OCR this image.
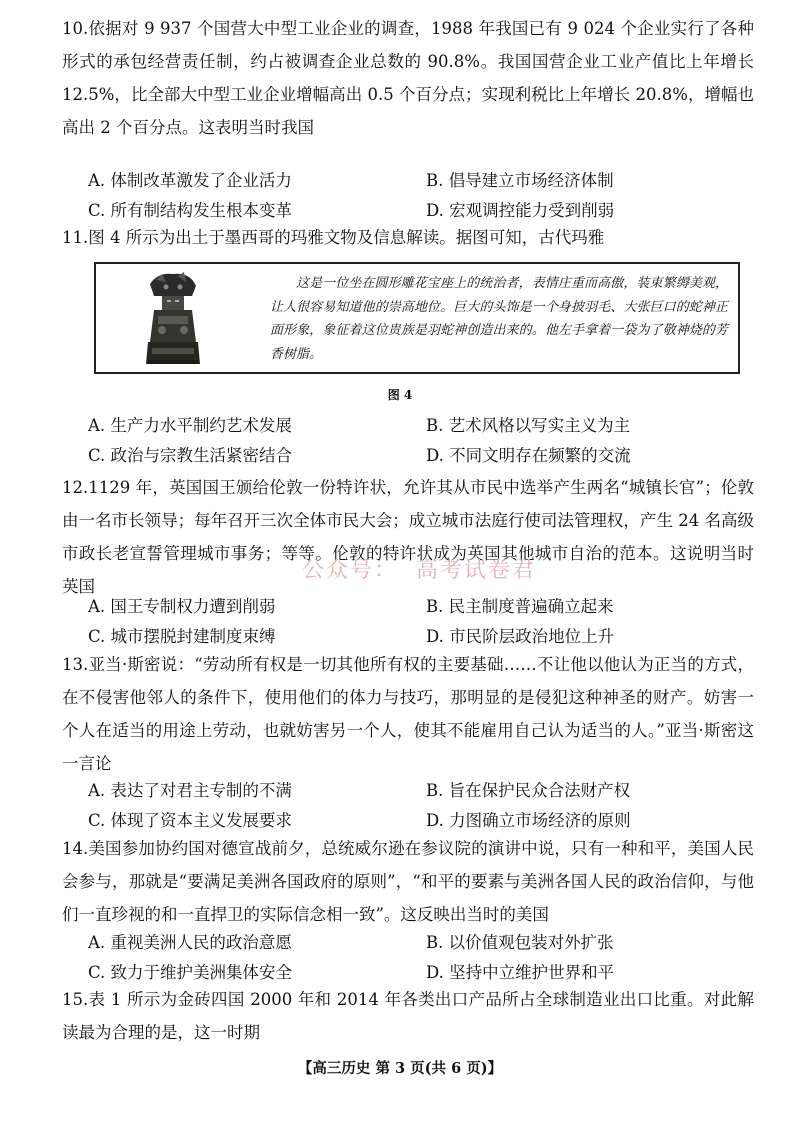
10.依据对 9 937 个国营大中型工业企业的调查，1988 年我国已有 9 024 个企业实行了各种形式的承包经营责任制，约占被调查企业总数的 90.8%。我国国营企业工业产值比上年增长 12.5%，比全部大中型工业企业增幅高出 0.5 个百分点；实现利税比上年增长 20.8%，增幅也高出 2 个百分点。这表明当时我国
A. 体制改革激发了企业活力	B. 倡导建立市场经济体制
C. 所有制结构发生根本变革	D. 宏观调控能力受到削弱
11.图 4 所示为出土于墨西哥的玛雅文物及信息解读。据图可知，古代玛雅
这是一位坐在圆形雕花宝座上的统治者，表情庄重而高傲，装束繁缛美观，让人很容易知道他的崇高地位。巨大的头饰是一个身披羽毛、大张巨口的蛇神正面形象，象征着这位贵族是羽蛇神创造出来的。他左手拿着一袋为了敬神烧的芳香树脂。
图 4
A. 生产力水平制约艺术发展	B. 艺术风格以写实主义为主
C. 政治与宗教生活紧密结合	D. 不同文明存在频繁的交流
12.1129 年，英国国王颁给伦敦一份特许状，允许其从市民中选举产生两名“城镇长官”；伦敦由一名市长领导；每年召开三次全体市民大会；成立城市法庭行使司法管理权，产生 24 名高级市政长老宣誓管理城市事务；等等。伦敦的特许状成为英国其他城市自治的范本。这说明当时英国
公众号：  高考试卷君
A. 国王专制权力遭到削弱	B. 民主制度普遍确立起来
C. 城市摆脱封建制度束缚	D. 市民阶层政治地位上升
13.亚当·斯密说：“劳动所有权是一切其他所有权的主要基础……不让他以他认为正当的方式，在不侵害他邻人的条件下，使用他们的体力与技巧，那明显的是侵犯这种神圣的财产。妨害一个人在适当的用途上劳动，也就妨害另一个人，使其不能雇用自己认为适当的人。”亚当·斯密这一言论
A. 表达了对君主专制的不满	B. 旨在保护民众合法财产权
C. 体现了资本主义发展要求	D. 力图确立市场经济的原则
14.美国参加协约国对德宣战前夕，总统威尔逊在参议院的演讲中说，只有一种和平，美国人民会参与，那就是“要满足美洲各国政府的原则”，“和平的要素与美洲各国人民的政治信仰，与他们一直珍视的和一直捍卫的实际信念相一致”。这反映出当时的美国
A. 重视美洲人民的政治意愿	B. 以价值观包装对外扩张
C. 致力于维护美洲集体安全	D. 坚持中立维护世界和平
15.表 1 所示为金砖四国 2000 年和 2014 年各类出口产品所占全球制造业出口比重。对此解读最为合理的是，这一时期
【高三历史 第 3 页(共 6 页)】
